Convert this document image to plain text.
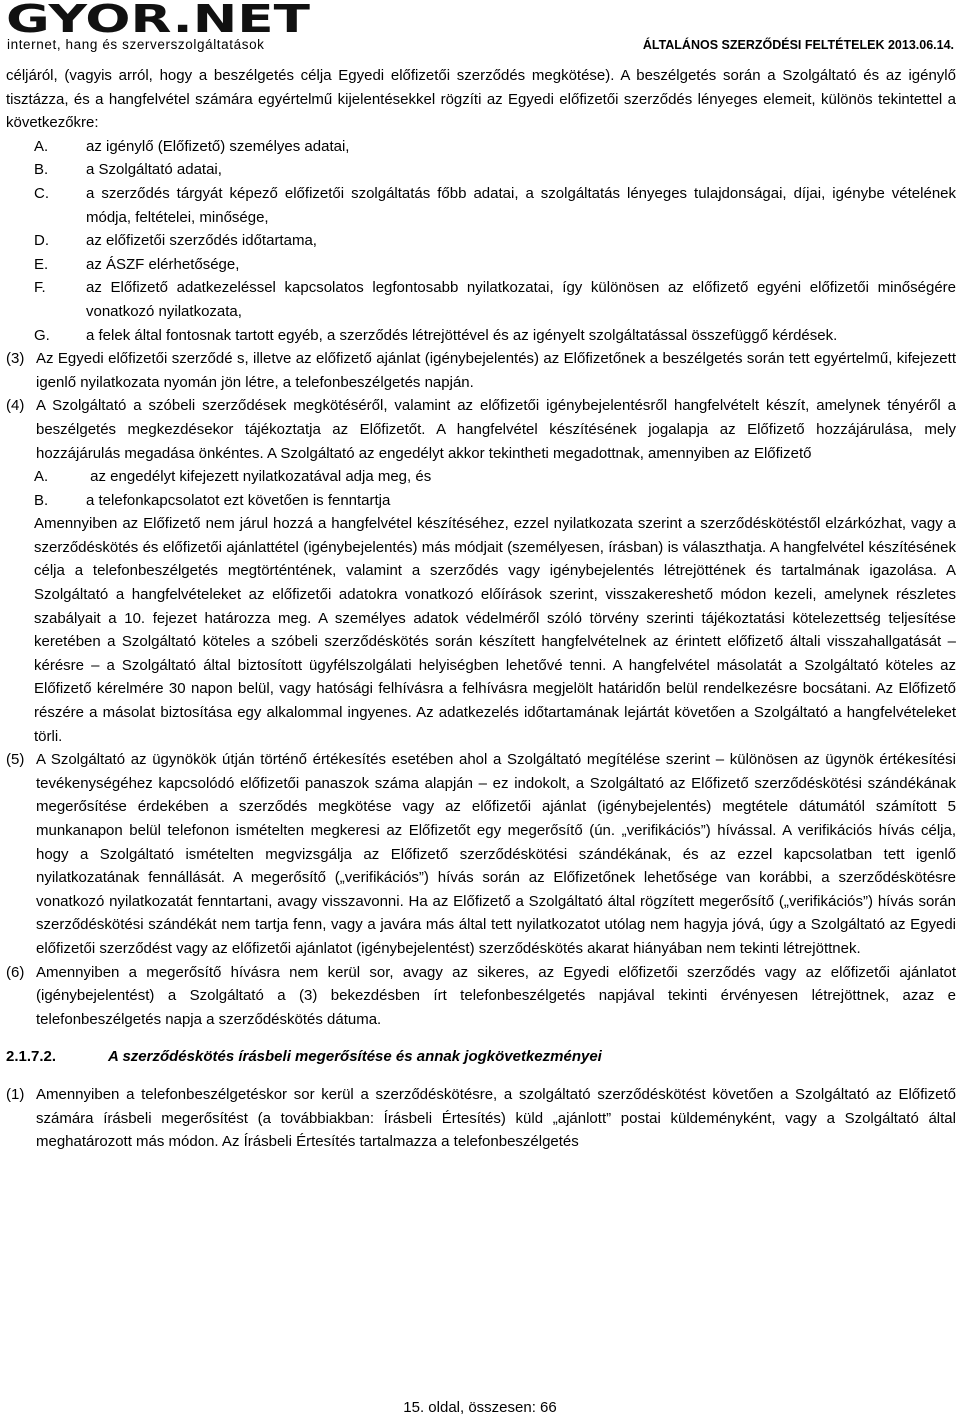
GYOR.NET
internet, hang és szerverszolgáltatások	ÁLTALÁNOS SZERZŐDÉSI FELTÉTELEK 2013.06.14.

céljáról, (vagyis arról, hogy a beszélgetés célja Egyedi előfizetői szerződés megkötése). A beszélgetés során a Szolgáltató és az igénylő tisztázza, és a hangfelvétel számára egyértelmű kijelentésekkel rögzíti az Egyedi előfizetői szerződés lényeges elemeit, különös tekintettel a következőkre:

A.	az igénylő (Előfizető) személyes adatai,
B.	a Szolgáltató adatai,
C.	a szerződés tárgyát képező előfizetői szolgáltatás főbb adatai, a szolgáltatás lényeges tulajdonságai, díjai, igénybe vételének módja, feltételei, minősége,
D.	az előfizetői szerződés időtartama,
E.	az ÁSZF elérhetősége,
F.	az Előfizető adatkezeléssel kapcsolatos legfontosabb nyilatkozatai, így különösen az előfizető egyéni előfizetői minőségére vonatkozó nyilatkozata,
G.	a felek által fontosnak tartott egyéb, a szerződés létrejöttével és az igényelt szolgáltatással összefüggő kérdések.
(3) Az Egyedi előfizetői szerződé s, illetve az előfizető ajánlat (igénybejelentés) az Előfizetőnek a beszélgetés során tett egyértelmű, kifejezett igenlő nyilatkozata nyomán jön létre, a telefonbeszélgetés napján.
(4) A Szolgáltató a szóbeli szerződések megkötéséről, valamint az előfizetői igénybejelentésről hangfelvételt készít, amelynek tényéről a beszélgetés megkezdésekor tájékoztatja az Előfizetőt. A hangfelvétel készítésének jogalapja az Előfizető hozzájárulása, mely hozzájárulás megadása önkéntes. A Szolgáltató az engedélyt akkor tekintheti megadottnak, amennyiben az Előfizető
A.	az engedélyt kifejezett nyilatkozatával adja meg, és
B.	a telefonkapcsolatot ezt követően is fenntartja

Amennyiben az Előfizető nem járul hozzá a hangfelvétel készítéséhez, ezzel nyilatkozata szerint a szerződéskötéstől elzárkózhat, vagy a szerződéskötés és előfizetői ajánlattétel (igénybejelentés) más módjait (személyesen, írásban) is választhatja. A hangfelvétel készítésének célja a telefonbeszélgetés megtörténtének, valamint a szerződés vagy igénybejelentés létrejöttének és tartalmának igazolása. A Szolgáltató a hangfelvételeket az előfizetői adatokra vonatkozó előírások szerint, visszakereshető módon kezeli, amelynek részletes szabályait a 10. fejezet határozza meg. A személyes adatok védelméről szóló törvény szerinti tájékoztatási kötelezettség teljesítése keretében a Szolgáltató köteles a szóbeli szerződéskötés során készített hangfelvételnek az érintett előfizető általi visszahallgatását – kérésre – a Szolgáltató által biztosított ügyfélszolgálati helyiségben lehetővé tenni. A hangfelvétel másolatát a Szolgáltató köteles az Előfizető kérelmére 30 napon belül, vagy hatósági felhívásra a felhívásra megjelölt határidőn belül rendelkezésre bocsátani. Az Előfizető részére a másolat biztosítása egy alkalommal ingyenes. Az adatkezelés időtartamának lejártát követően a Szolgáltató a hangfelvételeket törli.

(5) A Szolgáltató az ügynökök útján történő értékesítés esetében ahol a Szolgáltató megítélése szerint – különösen az ügynök értékesítési tevékenységéhez kapcsolódó előfizetői panaszok száma alapján – ez indokolt, a Szolgáltató az Előfizető szerződéskötési szándékának megerősítése érdekében a szerződés megkötése vagy az előfizetői ajánlat (igénybejelentés) megtétele dátumától számított 5 munkanapon belül telefonon ismételten megkeresi az Előfizetőt egy megerősítő (ún. „verifikációs”) hívással. A verifikációs hívás célja, hogy a Szolgáltató ismételten megvizsgálja az Előfizető szerződéskötési szándékának, és az ezzel kapcsolatban tett igenlő nyilatkozatának fennállását. A megerősítő („verifikációs”) hívás során az Előfizetőnek lehetősége van korábbi, a szerződéskötésre vonatkozó nyilatkozatát fenntartani, avagy visszavonni. Ha az Előfizető a Szolgáltató által rögzített megerősítő („verifikációs”) hívás során szerződéskötési szándékát nem tartja fenn, vagy a javára más által tett nyilatkozatot utólag nem hagyja jóvá, úgy a Szolgáltató az Egyedi előfizetői szerződést vagy az előfizetői ajánlatot (igénybejelentést) szerződéskötés akarat hiányában nem tekinti létrejöttnek.
(6) Amennyiben a megerősítő hívásra nem kerül sor, avagy az sikeres, az Egyedi előfizetői szerződés vagy az előfizetői ajánlatot (igénybejelentést) a Szolgáltató a (3) bekezdésben írt telefonbeszélgetés napjával tekinti érvényesen létrejöttnek, azaz e telefonbeszélgetés napja a szerződéskötés dátuma.
2.1.7.2.	A szerződéskötés írásbeli megerősítése és annak jogkövetkezményei
(1) Amennyiben a telefonbeszélgetéskor sor kerül a szerződéskötésre, a szolgáltató szerződéskötést követően a Szolgáltató az Előfizető számára írásbeli megerősítést (a továbbiakban: Írásbeli Értesítés) küld „ajánlott” postai küldeményként, vagy a Szolgáltató által meghatározott más módon. Az Írásbeli Értesítés tartalmazza a telefonbeszélgetés
15. oldal, összesen: 66
